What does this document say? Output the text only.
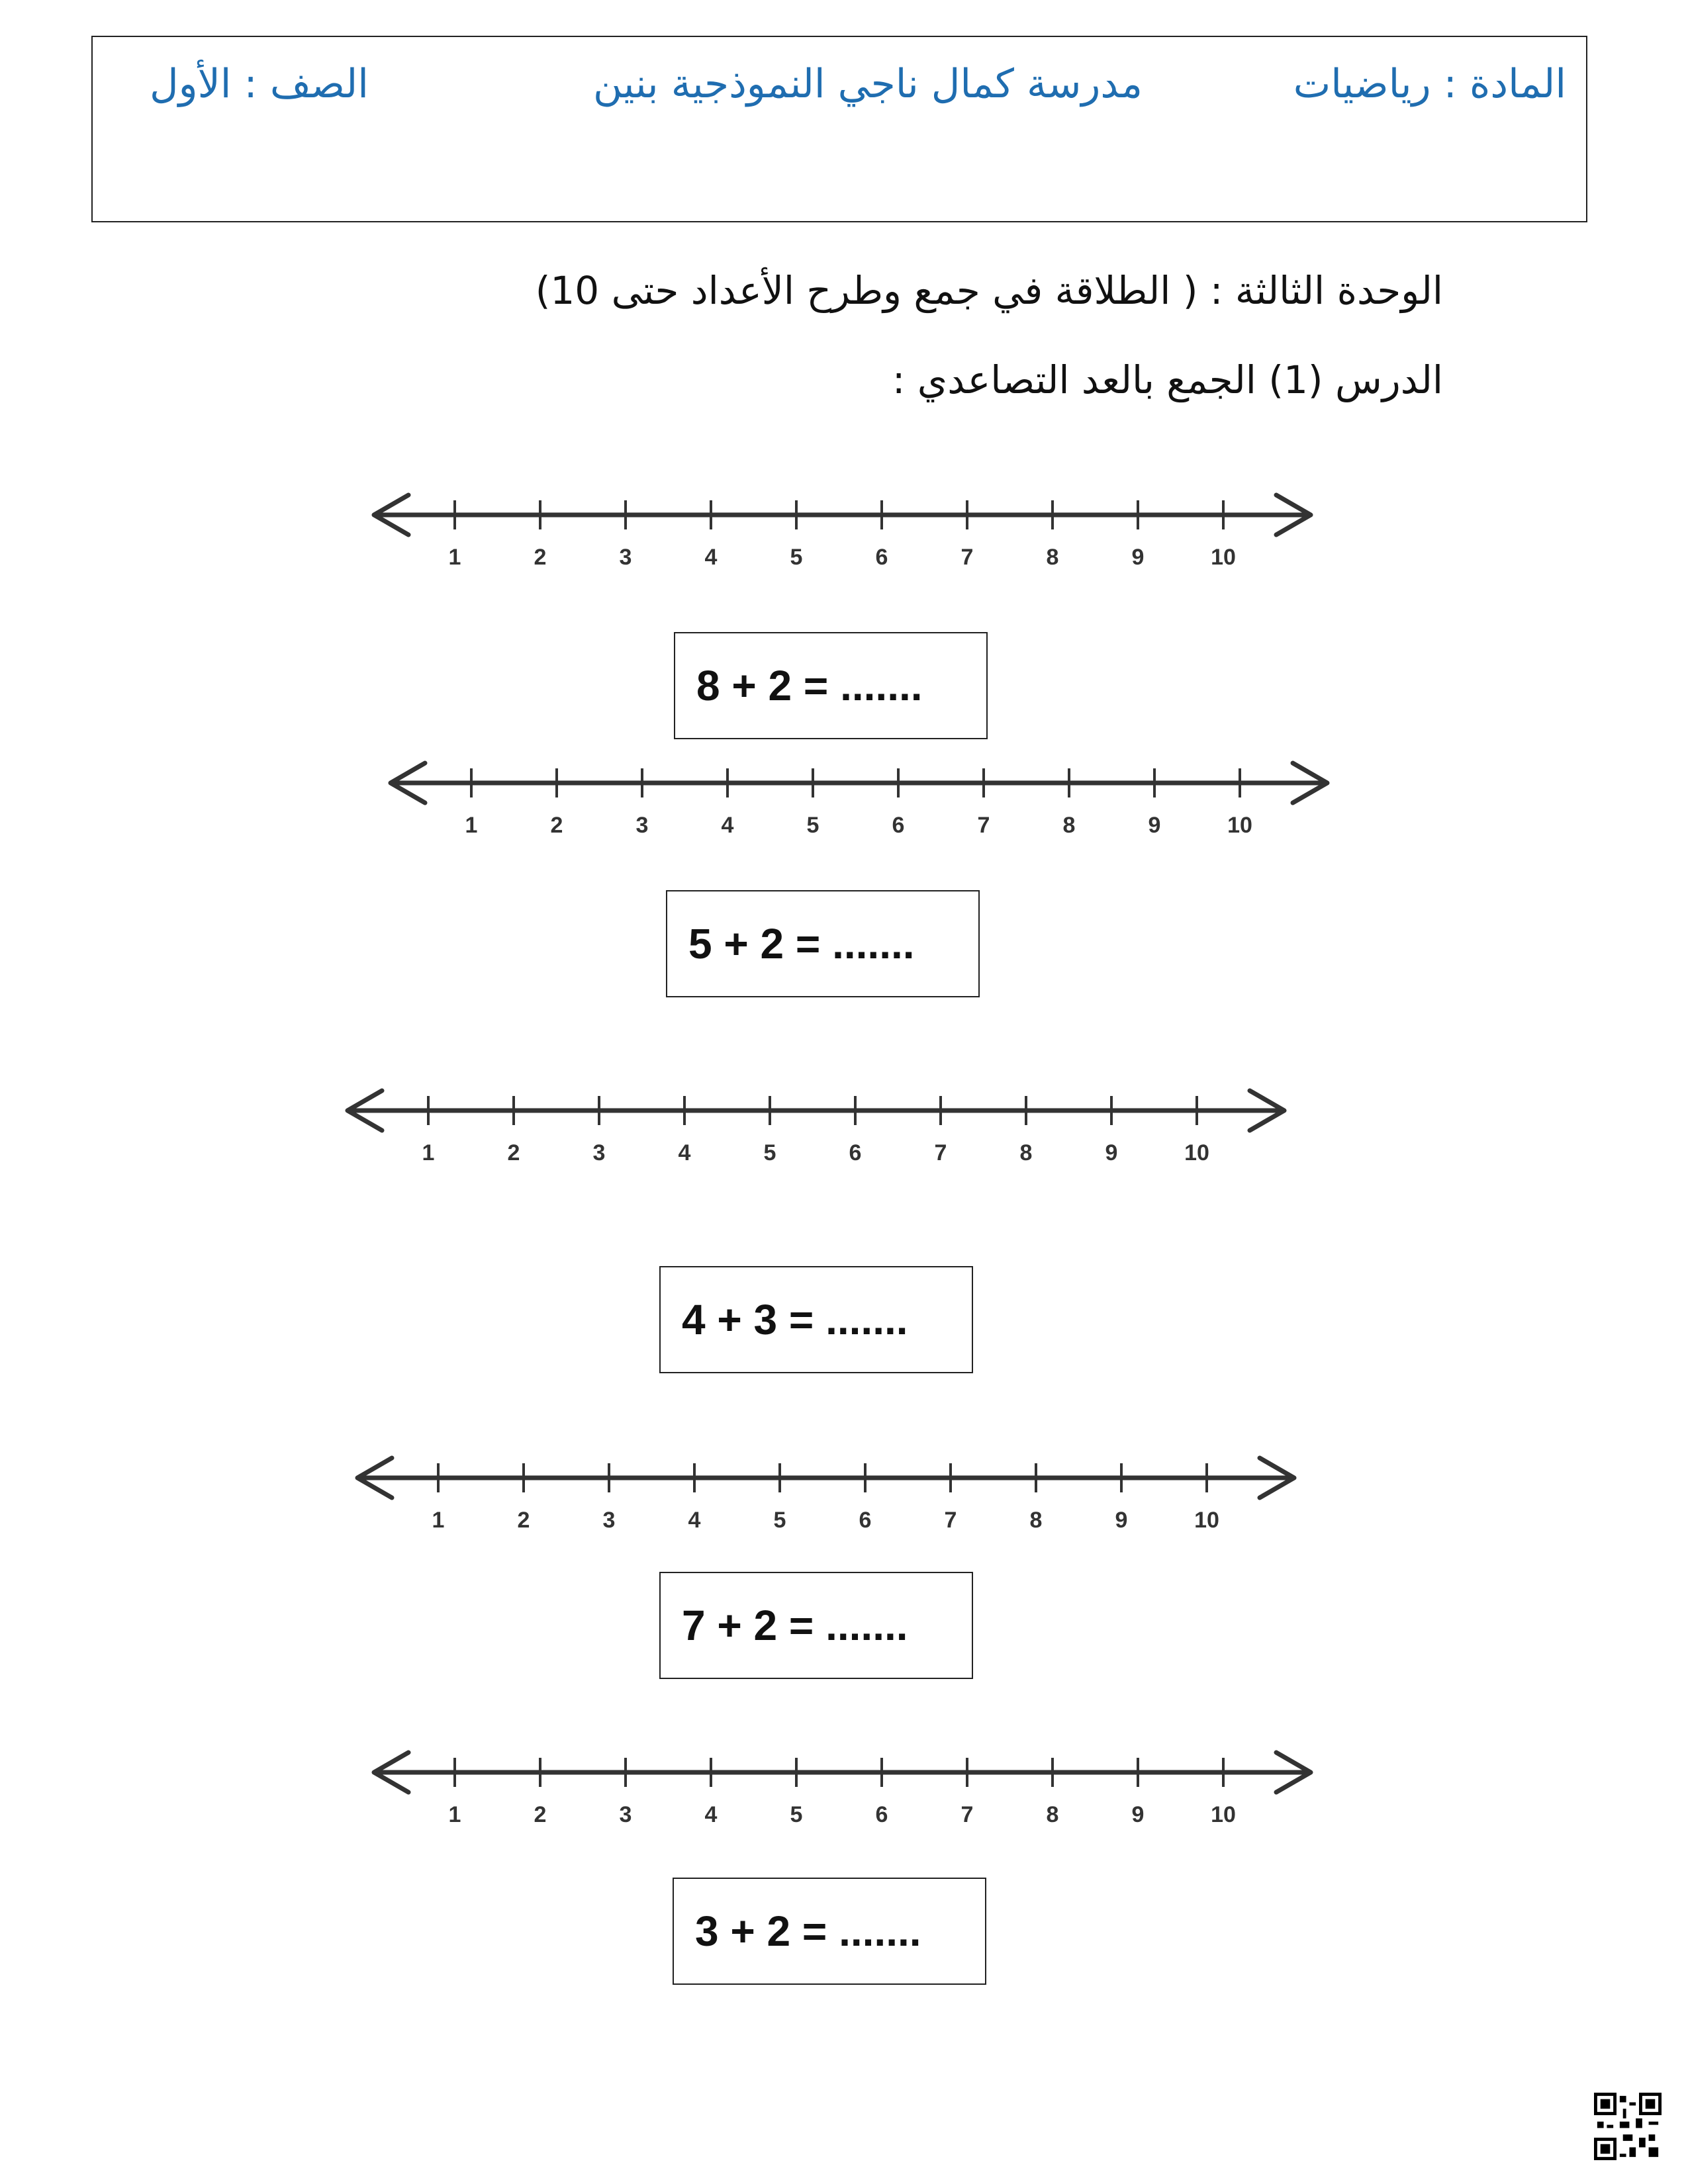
المادة : رياضيات
مدرسة كمال ناجي النموذجية بنين
الصف : الأول
الوحدة الثالثة : ( الطلاقة في جمع وطرح الأعداد حتى 10)
الدرس (1) الجمع بالعد التصاعدي :
1	2	3	4	5	6	7	8	9	10
8 + 2 = .......
1	2	3	4	5	6	7	8	9	10
5 + 2 = .......
1	2	3	4	5	6	7	8	9	10
4 + 3 = .......
1	2	3	4	5	6	7	8	9	10
7 + 2 = .......
1	2	3	4	5	6	7	8	9	10
3 + 2 = .......
